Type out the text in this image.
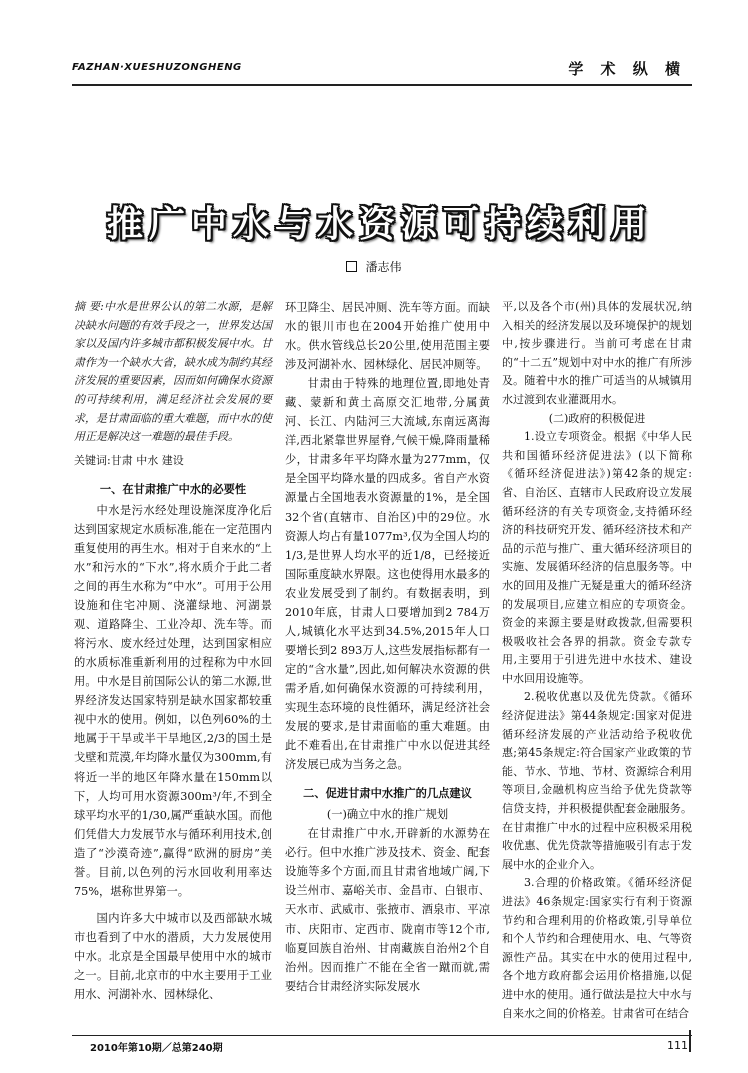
FAZHAN·XUESHUZONGHENG	学 术 纵 横
推广中水与水资源可持续利用
潘志伟
摘 要:中水是世界公认的第二水源，是解决缺水问题的有效手段之一，世界发达国家以及国内许多城市都积极发展中水。甘肃作为一个缺水大省，缺水成为制约其经济发展的重要因素，因而如何确保水资源的可持续利用，满足经济社会发展的要求，是甘肃面临的重大难题，而中水的使用正是解决这一难题的最佳手段。
关键词:甘肃 中水 建设
一、在甘肃推广中水的必要性
中水是污水经处理设施深度净化后达到国家规定水质标准,能在一定范围内重复使用的再生水。相对于自来水的“上水”和污水的“下水”,将水质介于此二者之间的再生水称为“中水”。可用于公用设施和住宅冲厕、浇灌绿地、河湖景观、道路降尘、工业冷却、洗车等。而将污水、废水经过处理，达到国家相应的水质标准重新利用的过程称为中水回用。中水是目前国际公认的第二水源,世界经济发达国家特别是缺水国家都较重视中水的使用。例如，以色列60%的土地属于干旱或半干旱地区,2/3的国土是戈壁和荒漠,年均降水量仅为300mm,有将近一半的地区年降水量在150mm以下，人均可用水资源300m³/年,不到全球平均水平的1/30,属严重缺水国。而他们凭借大力发展节水与循环利用技术,创造了“沙漠奇迹”,赢得“欧洲的厨房”美誉。目前,以色列的污水回收利用率达75%，堪称世界第一。
国内许多大中城市以及西部缺水城市也看到了中水的潜质，大力发展使用中水。北京是全国最早使用中水的城市之一。目前,北京市的中水主要用于工业用水、河湖补水、园林绿化、
环卫降尘、居民冲厕、洗车等方面。而缺水的银川市也在2004开始推广使用中水。供水管线总长20公里,使用范围主要涉及河湖补水、园林绿化、居民冲厕等。
甘肃由于特殊的地理位置,即地处青藏、蒙新和黄土高原交汇地带,分属黄河、长江、内陆河三大流域,东南远离海洋,西北紧靠世界屋脊,气候干燥,降雨量稀少，甘肃多年平均降水量为277mm，仅是全国平均降水量的四成多。省自产水资源量占全国地表水资源量的1%，是全国32个省(直辖市、自治区)中的29位。水资源人均占有量1077m³,仅为全国人均的1/3,是世界人均水平的近1/8，已经接近国际重度缺水界限。这也使得用水最多的农业发展受到了制约。有数据表明，到2010年底，甘肃人口要增加到2 784万人,城镇化水平达到34.5%,2015年人口要增长到2 893万人,这些发展指标都有一定的“含水量”,因此,如何解决水资源的供需矛盾,如何确保水资源的可持续利用，实现生态环境的良性循环，满足经济社会发展的要求,是甘肃面临的重大难题。由此不难看出,在甘肃推广中水以促进其经济发展已成为当务之急。
二、促进甘肃中水推广的几点建议
(一)确立中水的推广规划
在甘肃推广中水,开辟新的水源势在必行。但中水推广涉及技术、资金、配套设施等多个方面,而且甘肃省地域广阔,下设兰州市、嘉峪关市、金昌市、白银市、天水市、武威市、张掖市、酒泉市、平凉市、庆阳市、定西市、陇南市等12个市,临夏回族自治州、甘南藏族自治州2个自治州。因而推广不能在全省一蹴而就,需要结合甘肃经济实际发展水
平,以及各个市(州)具体的发展状况,纳入相关的经济发展以及环境保护的规划中,按步骤进行。当前可考虑在甘肃的“十二五”规划中对中水的推广有所涉及。随着中水的推广可适当的从城镇用水过渡到农业灌溉用水。
(二)政府的积极促进
1.设立专项资金。根据《中华人民共和国循环经济促进法》(以下简称《循环经济促进法》)第42条的规定:省、自治区、直辖市人民政府设立发展循环经济的有关专项资金,支持循环经济的科技研究开发、循环经济技术和产品的示范与推广、重大循环经济项目的实施、发展循环经济的信息服务等。中水的回用及推广无疑是重大的循环经济的发展项目,应建立相应的专项资金。资金的来源主要是财政拨款,但需要积极吸收社会各界的捐款。资金专款专用,主要用于引进先进中水技术、建设中水回用设施等。
2.税收优惠以及优先贷款。《循环经济促进法》第44条规定:国家对促进循环经济发展的产业活动给予税收优惠;第45条规定:符合国家产业政策的节能、节水、节地、节材、资源综合利用等项目,金融机构应当给予优先贷款等信贷支持，并积极提供配套金融服务。在甘肃推广中水的过程中应积极采用税收优惠、优先贷款等措施吸引有志于发展中水的企业介入。
3.合理的价格政策。《循环经济促进法》46条规定:国家实行有利于资源节约和合理利用的价格政策,引导单位和个人节约和合理使用水、电、气等资源性产品。其实在中水的使用过程中,各个地方政府都会运用价格措施,以促进中水的使用。通行做法是拉大中水与自来水之间的价格差。甘肃省可在结合
2010年第10期／总第240期	111
